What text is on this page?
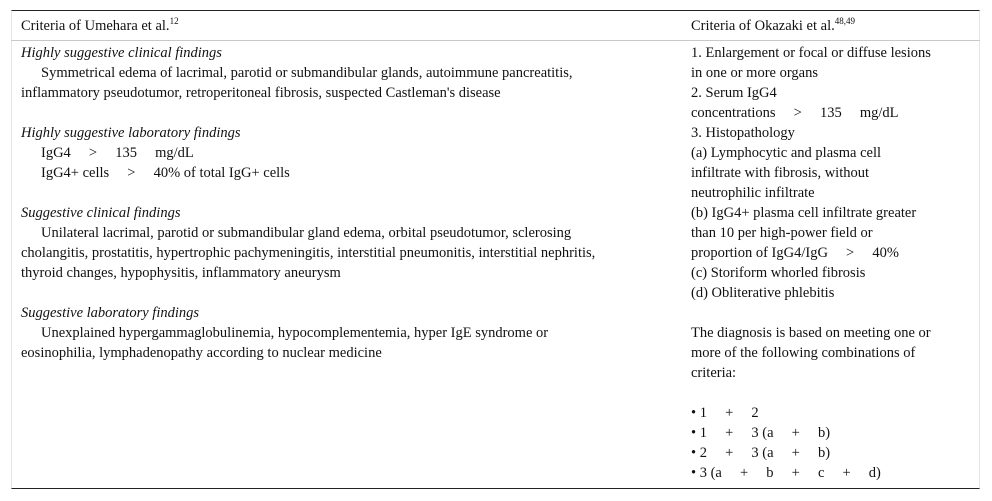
Criteria of Umehara et al.$^{12}$	Criteria of Okazaki et al.$^{48,49}$
Highly suggestive clinical findings
Symmetrical edema of lacrimal, parotid or submandibular glands, autoimmune pancreatitis,
inflammatory pseudotumor, retroperitoneal fibrosis, suspected Castleman's disease
Highly suggestive laboratory findings
IgG4     >     135     mg/dL
IgG4+ cells     >     40% of total IgG+ cells
Suggestive clinical findings
Unilateral lacrimal, parotid or submandibular gland edema, orbital pseudotumor, sclerosing
cholangitis, prostatitis, hypertrophic pachymeningitis, interstitial pneumonitis, interstitial nephritis,
thyroid changes, hypophysitis, inflammatory aneurysm
Suggestive laboratory findings
Unexplained hypergammaglobulinemia, hypocomplementemia, hyper IgE syndrome or
eosinophilia, lymphadenopathy according to nuclear medicine
1. Enlargement or focal or diffuse lesions
in one or more organs
2. Serum IgG4
concentrations     >     135     mg/dL
3. Histopathology
(a) Lymphocytic and plasma cell
infiltrate with fibrosis, without
neutrophilic infiltrate
(b) IgG4+ plasma cell infiltrate greater
than 10 per high-power field or
proportion of IgG4/IgG     >     40%
(c) Storiform whorled fibrosis
(d) Obliterative phlebitis
The diagnosis is based on meeting one or
more of the following combinations of
criteria:
• 1     +     2
• 1     +     3 (a     +     b)
• 2     +     3 (a     +     b)
• 3 (a     +     b     +     c     +     d)
